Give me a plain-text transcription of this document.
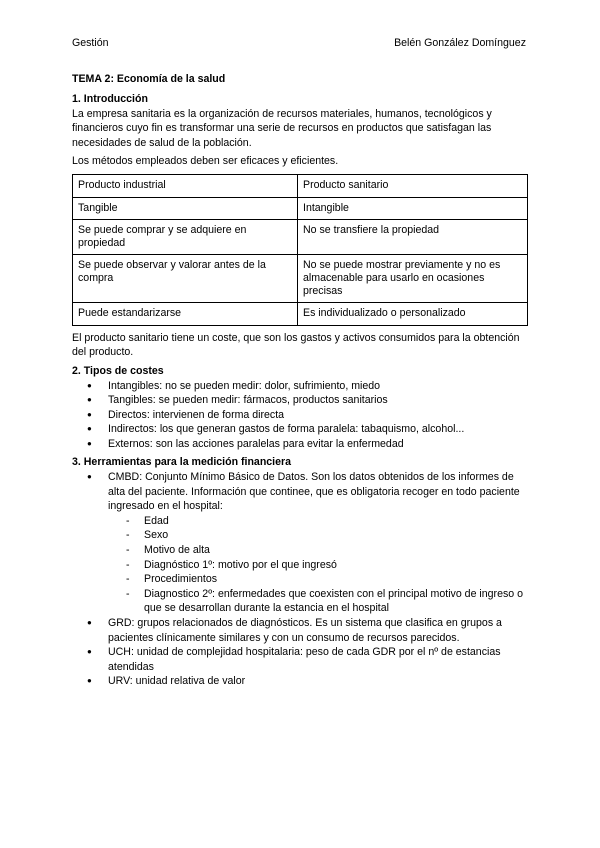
Gestión	Belén González Domínguez
TEMA 2: Economía de la salud
1. Introducción

La empresa sanitaria es la organización de recursos materiales, humanos, tecnológicos y financieros cuyo fin es transformar una serie de recursos en productos que satisfagan las necesidades de salud de la población.

Los métodos empleados deben ser eficaces y eficientes.

Producto industrial	Producto sanitario
Tangible	Intangible
Se puede comprar y se adquiere en propiedad	No se transfiere la propiedad
Se puede observar y valorar antes de la compra	No se puede mostrar previamente y no es almacenable para usarlo en ocasiones precisas
Puede estandarizarse	Es individualizado o personalizado

El producto sanitario tiene un coste, que son los gastos y activos consumidos para la obtención del producto.

2. Tipos de costes
● Intangibles: no se pueden medir: dolor, sufrimiento, miedo
● Tangibles: se pueden medir: fármacos, productos sanitarios
● Directos: intervienen de forma directa
● Indirectos: los que generan gastos de forma paralela: tabaquismo, alcohol...
● Externos: son las acciones paralelas para evitar la enfermedad
3. Herramientas para la medición financiera
● CMBD: Conjunto Mínimo Básico de Datos. Son los datos obtenidos de los informes de alta del paciente. Información que continee, que es obligatoria recoger en todo paciente ingresado en el hospital:
- Edad
- Sexo
- Motivo de alta
- Diagnóstico 1º: motivo por el que ingresó
- Procedimientos
- Diagnostico 2º: enfermedades que coexisten con el principal motivo de ingreso o que se desarrollan durante la estancia en el hospital
● GRD: grupos relacionados de diagnósticos. Es un sistema que clasifica en grupos a pacientes clínicamente similares y con un consumo de recursos parecidos.
● UCH: unidad de complejidad hospitalaria: peso de cada GDR por el nº de estancias atendidas
● URV: unidad relativa de valor
